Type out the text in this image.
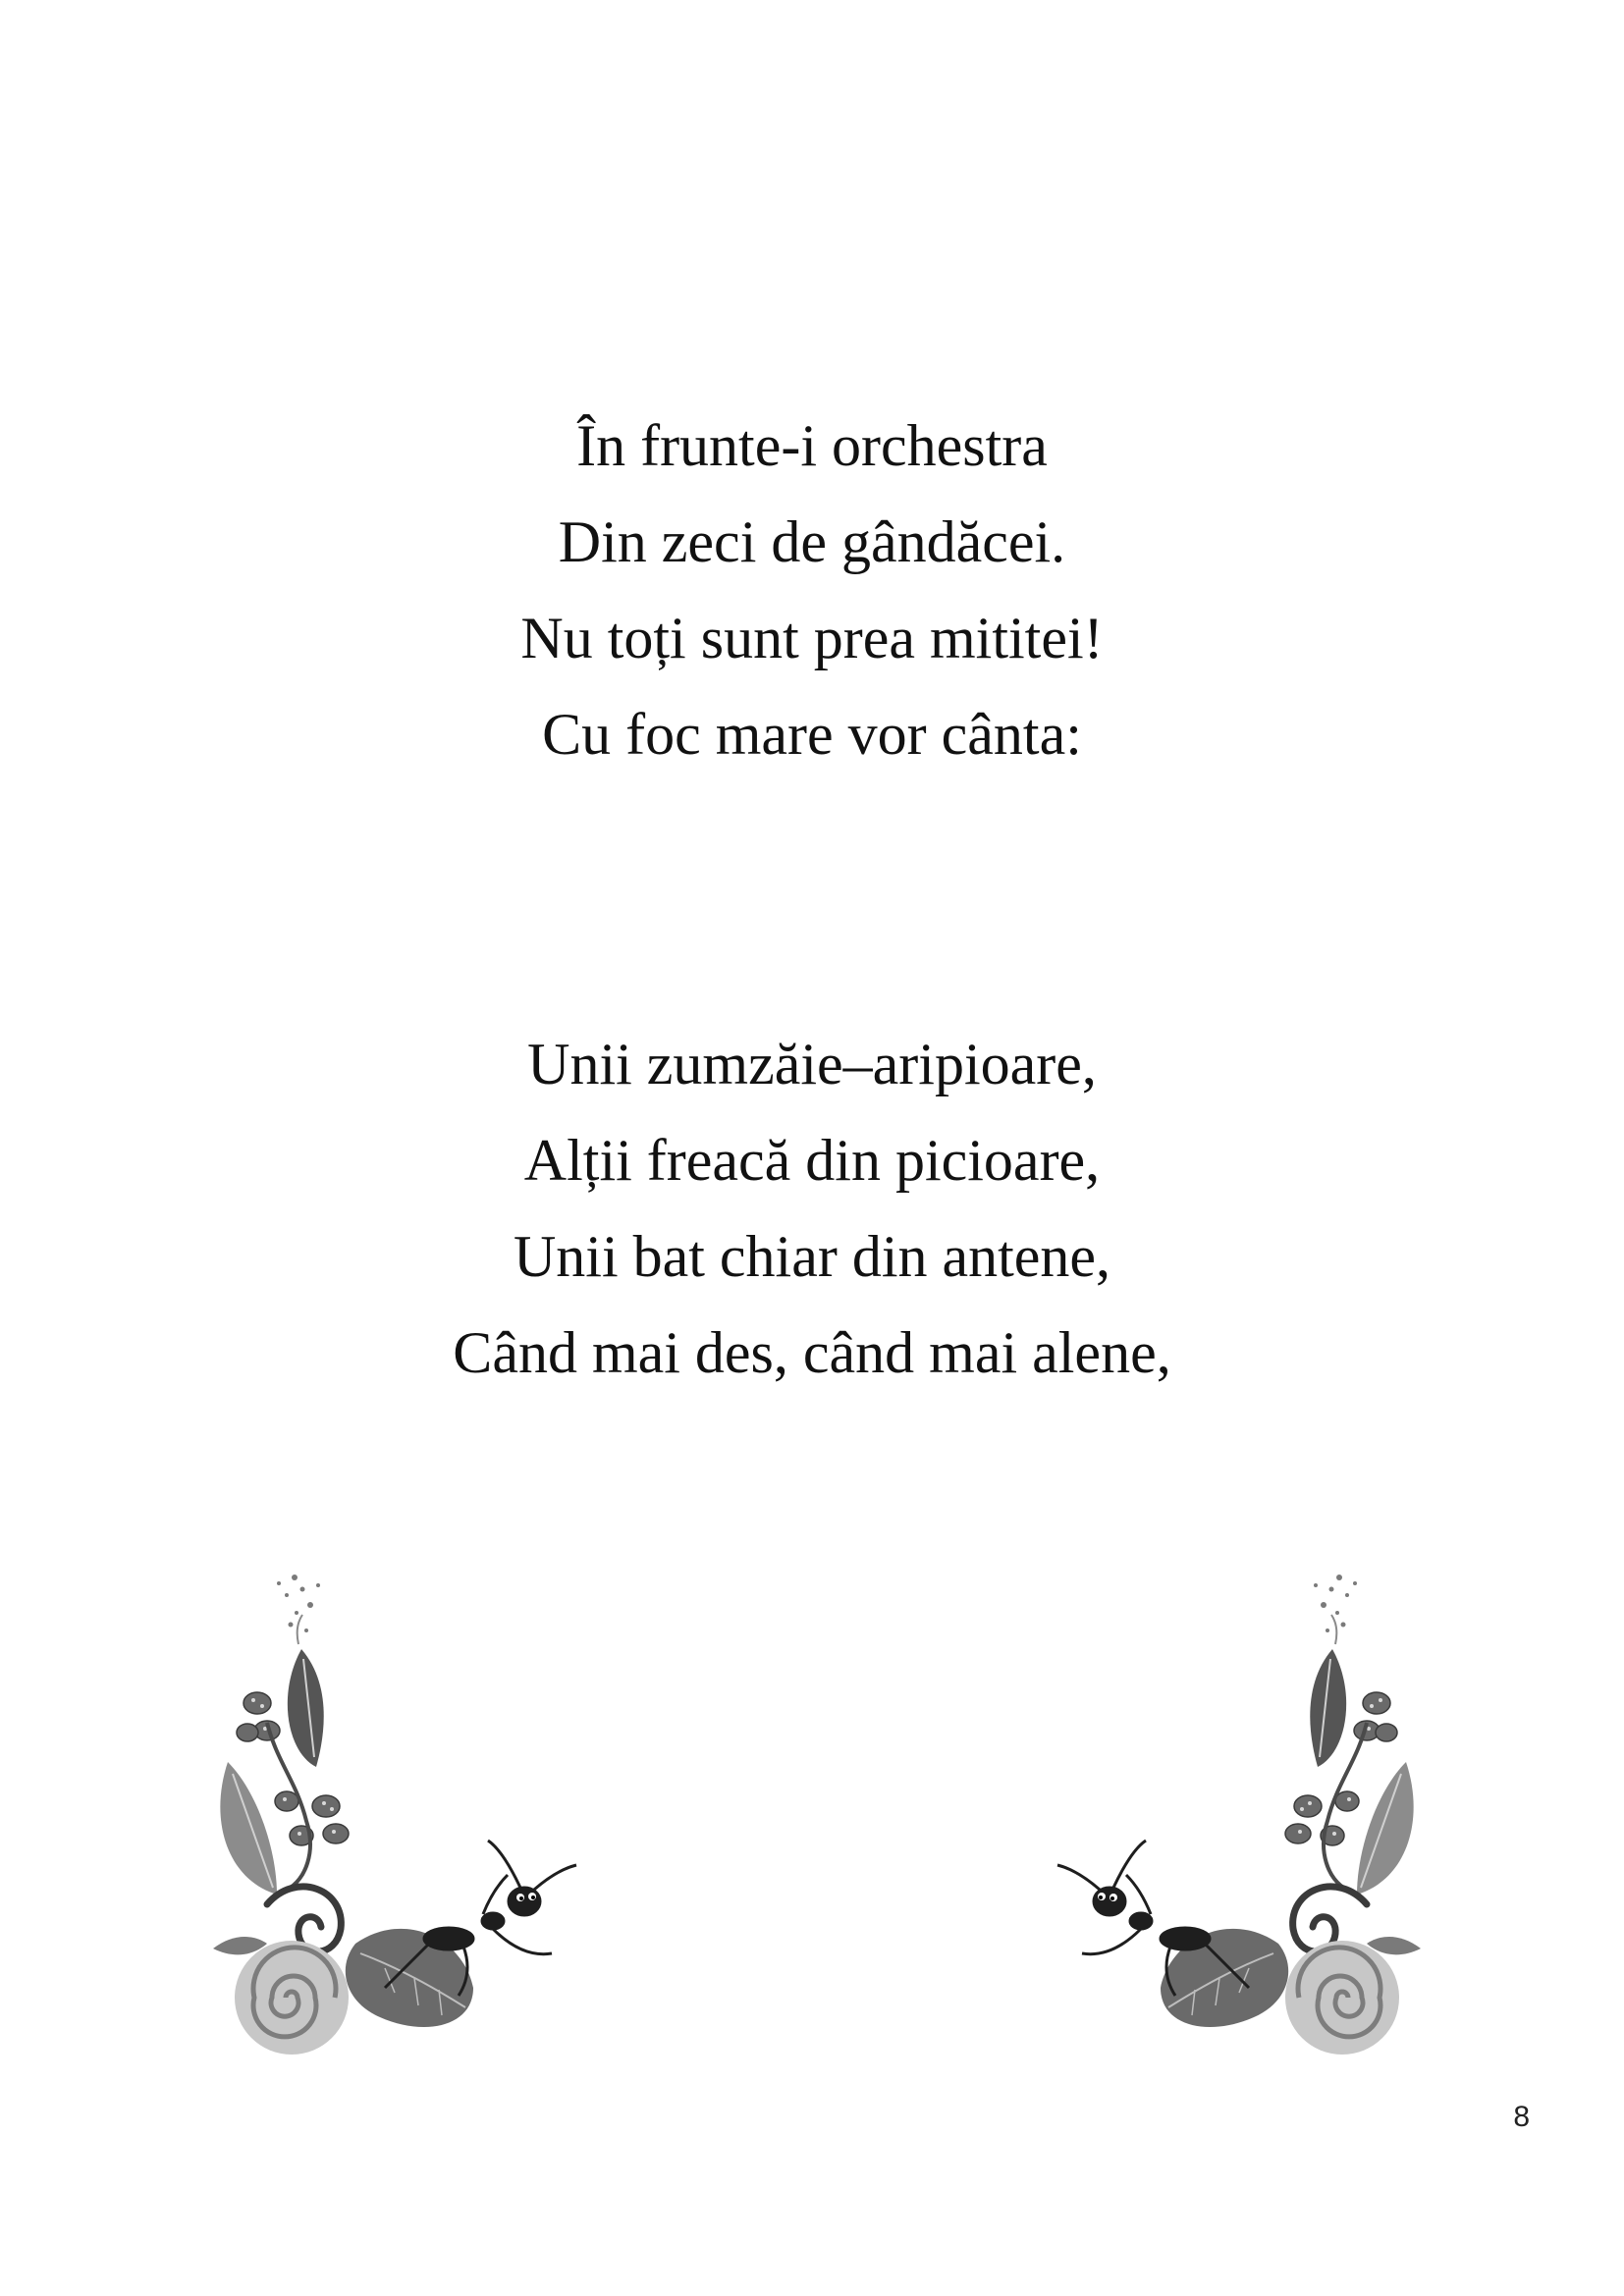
În frunte-i orchestra
Din zeci de gândăcei.
Nu toți sunt prea mititei!
Cu foc mare vor cânta:
Unii zumzăie–aripioare,
Alții freacă din picioare,
Unii bat chiar din antene,
Când mai des, când mai alene,
8
